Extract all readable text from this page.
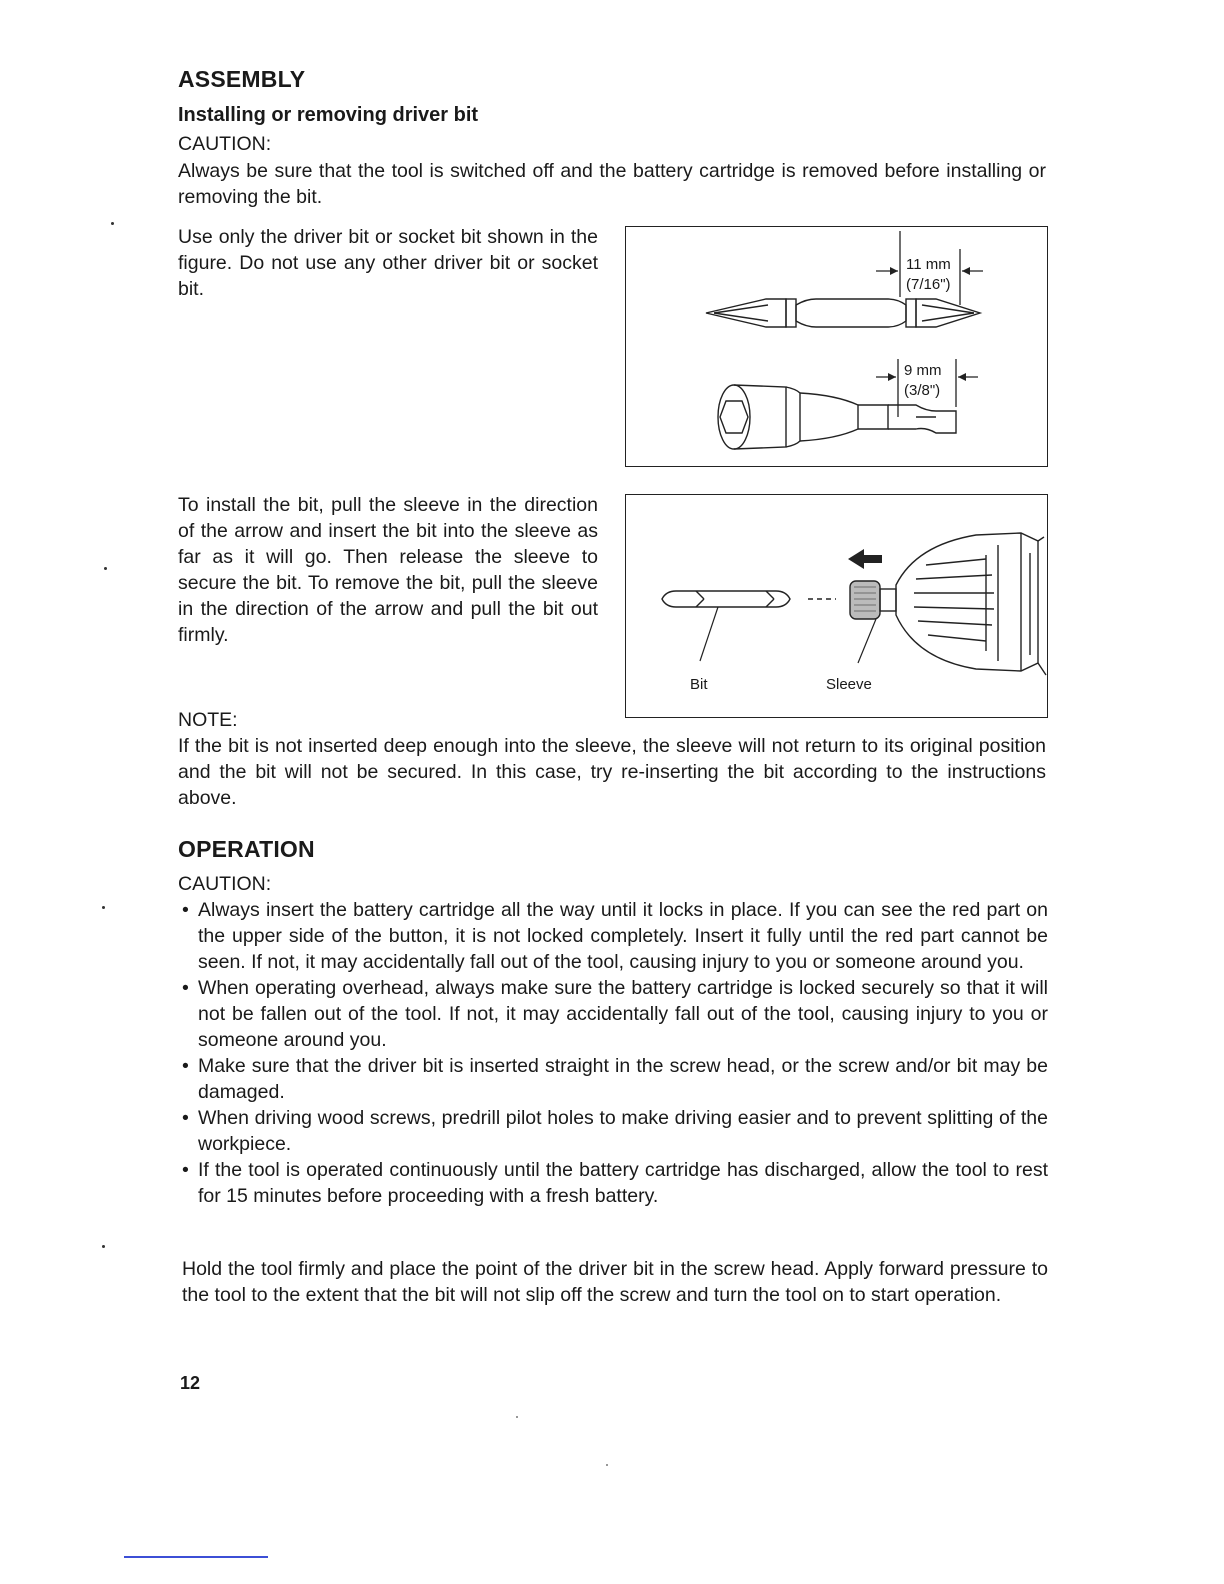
ASSEMBLY
Installing or removing driver bit
CAUTION:
Always be sure that the tool is switched off and the battery cartridge is removed before installing or removing the bit.
Use only the driver bit or socket bit shown in the figure. Do not use any other driver bit or socket bit.
11 mm
(7/16")
9 mm
(3/8")
To install the bit, pull the sleeve in the direction of the arrow and insert the bit into the sleeve as far as it will go. Then release the sleeve to secure the bit. To remove the bit, pull the sleeve in the direction of the arrow and pull the bit out firmly.
Bit	Sleeve
NOTE:
If the bit is not inserted deep enough into the sleeve, the sleeve will not return to its original position and the bit will not be secured. In this case, try re-inserting the bit according to the instructions above.
OPERATION
CAUTION:
• Always insert the battery cartridge all the way until it locks in place. If you can see the red part on the upper side of the button, it is not locked completely. Insert it fully until the red part cannot be seen. If not, it may accidentally fall out of the tool, causing injury to you or someone around you.
• When operating overhead, always make sure the battery cartridge is locked securely so that it will not be fallen out of the tool. If not, it may accidentally fall out of the tool, causing injury to you or someone around you.
• Make sure that the driver bit is inserted straight in the screw head, or the screw and/or bit may be damaged.
• When driving wood screws, predrill pilot holes to make driving easier and to prevent splitting of the workpiece.
• If the tool is operated continuously until the battery cartridge has discharged, allow the tool to rest for 15 minutes before proceeding with a fresh battery.
Hold the tool firmly and place the point of the driver bit in the screw head. Apply forward pressure to the tool to the extent that the bit will not slip off the screw and turn the tool on to start operation.
12
